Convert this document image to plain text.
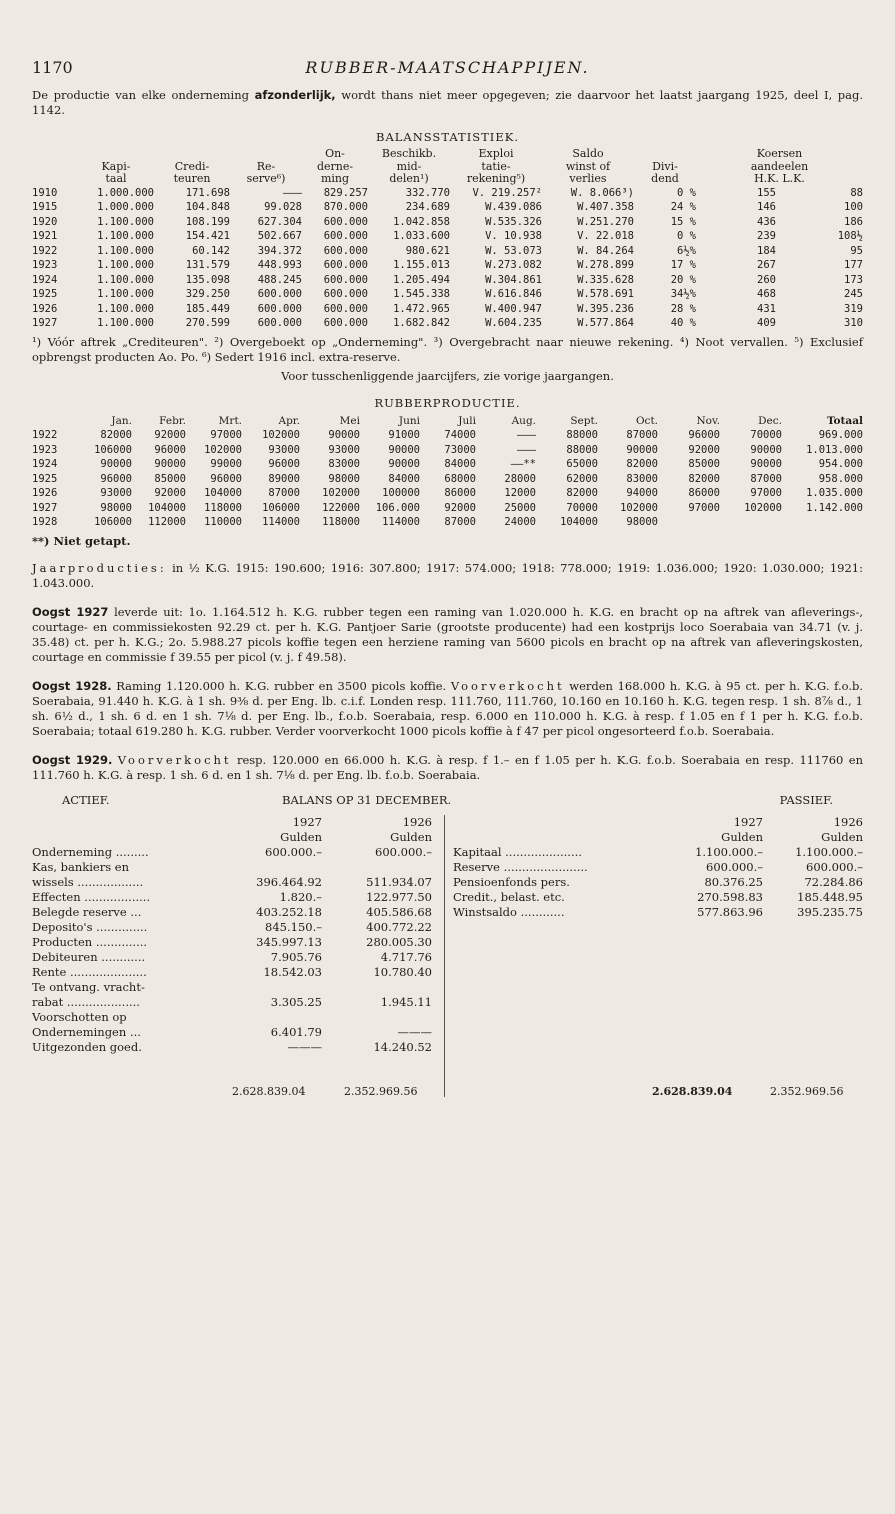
1170	RUBBER-MAATSCHAPPIJEN.

De productie van elke onderneming afzonderlijk, wordt thans niet meer opgegeven; zie daarvoor het laatst jaargang 1925, deel I, pag. 1142.

BALANSSTATISTIEK.
				On-	Beschikb.	Exploi	Saldo		Koersen
	Kapi-	Credi-	Re-	derne-	mid-	tatie-	winst of	Divi-	aandeelen
	taal	teuren	serve⁶)	ming	delen¹)	rekening⁵)	verlies	dend	H.K. L.K.
1910	1.000.000	171.698	———	829.257	332.770	V. 219.257²	W. 8.066³)	0 %	155	88
1915	1.000.000	104.848	99.028	870.000	234.689	W.439.086	W.407.358	24 %	146	100
1920	1.100.000	108.199	627.304	600.000	1.042.858	W.535.326	W.251.270	15 %	436	186
1921	1.100.000	154.421	502.667	600.000	1.033.600	V. 10.938	V. 22.018	0 %	239	108½
1922	1.100.000	60.142	394.372	600.000	980.621	W. 53.073	W. 84.264	6½%	184	95
1923	1.100.000	131.579	448.993	600.000	1.155.013	W.273.082	W.278.899	17 %	267	177
1924	1.100.000	135.098	488.245	600.000	1.205.494	W.304.861	W.335.628	20 %	260	173
1925	1.100.000	329.250	600.000	600.000	1.545.338	W.616.846	W.578.691	34½%	468	245
1926	1.100.000	185.449	600.000	600.000	1.472.965	W.400.947	W.395.236	28 %	431	319
1927	1.100.000	270.599	600.000	600.000	1.682.842	W.604.235	W.577.864	40 %	409	310

¹) Vóór aftrek „Crediteuren". ²) Overgeboekt op „Onderneming". ³) Overgebracht naar nieuwe rekening. ⁴) Noot vervallen. ⁵) Exclusief opbrengst producten Ao. Po. ⁶) Sedert 1916 incl. extra-reserve.

Voor tusschenliggende jaarcijfers, zie vorige jaargangen.

RUBBERPRODUCTIE.
	Jan.	Febr.	Mrt.	Apr.	Mei	Juni	Juli	Aug.	Sept.	Oct.	Nov.	Dec.	Totaal
1922	82000	92000	97000	102000	90000	91000	74000	———	88000	87000	96000	70000	969.000
1923	106000	96000	102000	93000	93000	90000	73000	———	88000	90000	92000	90000	1.013.000
1924	90000	90000	99000	96000	83000	90000	84000	——**	65000	82000	85000	90000	954.000
1925	96000	85000	96000	89000	98000	84000	68000	28000	62000	83000	82000	87000	958.000
1926	93000	92000	104000	87000	102000	100000	86000	12000	82000	94000	86000	97000	1.035.000
1927	98000	104000	118000	106000	122000	106.000	92000	25000	70000	102000	97000	102000	1.142.000
1928	106000	112000	110000	114000	118000	114000	87000	24000	104000	98000			

**) Niet getapt.

Jaarproducties: in ½ K.G. 1915: 190.600; 1916: 307.800; 1917: 574.000; 1918: 778.000; 1919: 1.036.000; 1920: 1.030.000; 1921: 1.043.000.

Oogst 1927 leverde uit: 1o. 1.164.512 h. K.G. rubber tegen een raming van 1.020.000 h. K.G. en bracht op na aftrek van afleverings-, courtage- en commissiekosten 92.29 ct. per h. K.G. Pantjoer Sarie (grootste producente) had een kostprijs loco Soerabaia van 34.71 (v. j. 35.48) ct. per h. K.G.; 2o. 5.988.27 picols koffie tegen een herziene raming van 5600 picols en bracht op na aftrek van afleveringskosten, courtage en commissie f 39.55 per picol (v. j. f 49.58).

Oogst 1928. Raming 1.120.000 h. K.G. rubber en 3500 picols koffie. Voorverkocht werden 168.000 h. K.G. à 95 ct. per h. K.G. f.o.b. Soerabaia, 91.440 h. K.G. à 1 sh. 9⅜ d. per Eng. lb. c.i.f. Londen resp. 111.760, 111.760, 10.160 en 10.160 h. K.G. tegen resp. 1 sh. 8⅞ d., 1 sh. 6½ d., 1 sh. 6 d. en 1 sh. 7⅛ d. per Eng. lb., f.o.b. Soerabaia, resp. 6.000 en 110.000 h. K.G. à resp. f 1.05 en f 1 per h. K.G. f.o.b. Soerabaia; totaal 619.280 h. K.G. rubber. Verder voorverkocht 1000 picols koffie à f 47 per picol ongesorteerd f.o.b. Soerabaia.

Oogst 1929. Voorverkocht resp. 120.000 en 66.000 h. K.G. à resp. f 1.– en f 1.05 per h. K.G. f.o.b. Soerabaia en resp. 111760 en 111.760 h. K.G. à resp. 1 sh. 6 d. en 1 sh. 7⅛ d. per Eng. lb. f.o.b. Soerabaia.

ACTIEF.	BALANS OP 31 DECEMBER.	PASSIEF.
1927	1926
Gulden	Gulden
Onderneming .........	600.000.–	600.000.–
Kas, bankiers en
wissels ..................	396.464.92	511.934.07
Effecten ..................	1.820.–	122.977.50
Belegde reserve ...	403.252.18	405.586.68
Deposito's ..............	845.150.–	400.772.22
Producten ..............	345.997.13	280.005.30
Debiteuren ............	7.905.76	4.717.76
Rente .....................	18.542.03	10.780.40
Te ontvang. vracht-
rabat ....................	3.305.25	1.945.11
Voorschotten op
Ondernemingen ...	6.401.79	———
Uitgezonden goed.	———	14.240.52
1927	1926
Gulden	Gulden
Kapitaal .....................	1.100.000.–	1.100.000.–
Reserve .......................	600.000.–	600.000.–
Pensioenfonds pers.	80.376.25	72.284.86
Credit., belast. etc.	270.598.83	185.448.95
Winstsaldo ............	577.863.96	395.235.75
2.628.839.04	2.352.969.56	2.628.839.04	2.352.969.56
